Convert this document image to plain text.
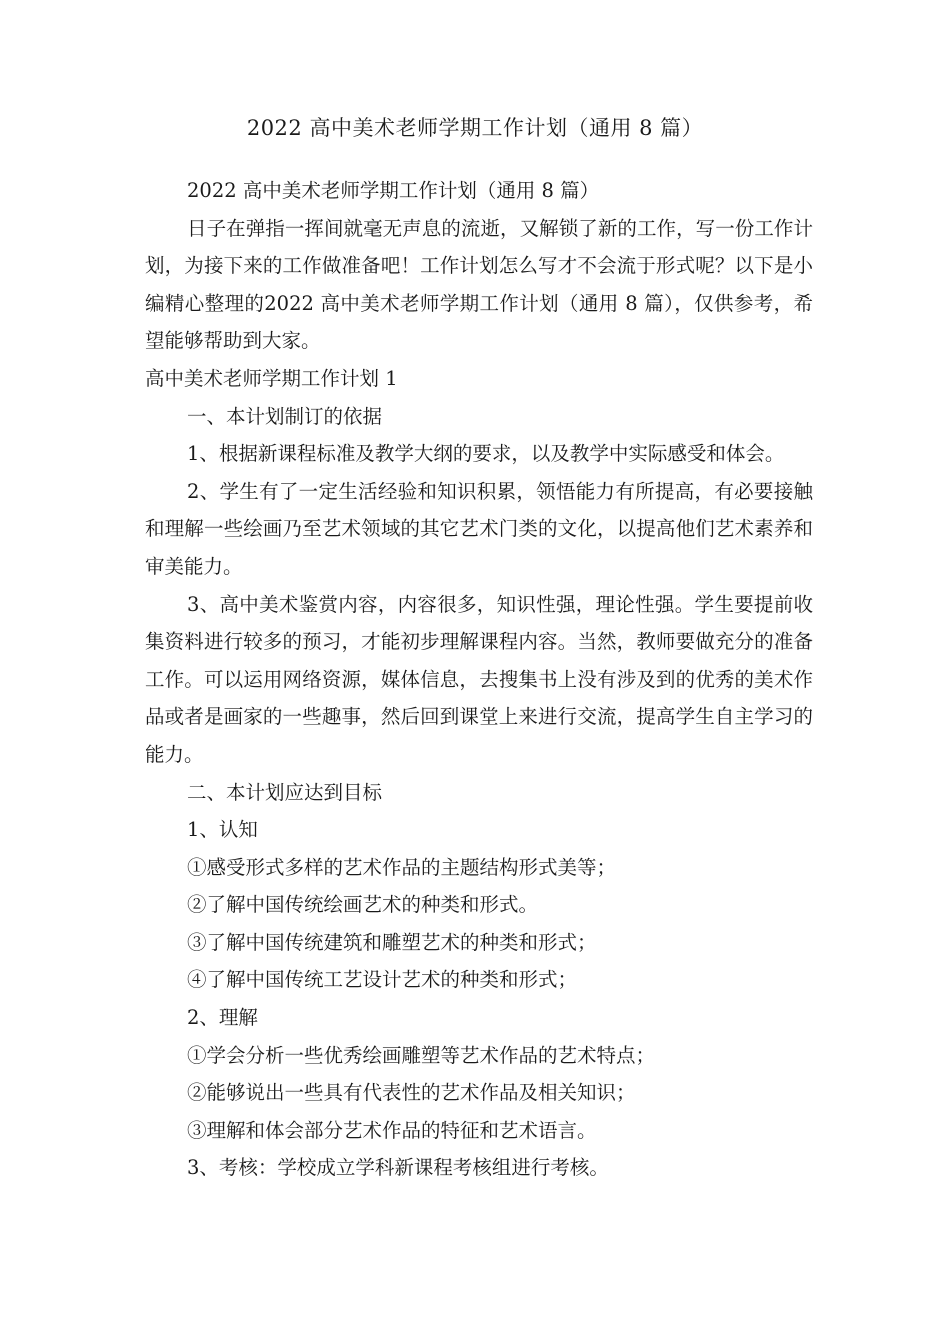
2022 高中美术老师学期工作计划（通用 8 篇）

2022 高中美术老师学期工作计划（通用 8 篇）

日子在弹指一挥间就毫无声息的流逝，又解锁了新的工作，写一份工作计划，为接下来的工作做准备吧！工作计划怎么写才不会流于形式呢？以下是小编精心整理的2022 高中美术老师学期工作计划（通用 8 篇），仅供参考，希望能够帮助到大家。

高中美术老师学期工作计划 1

一、本计划制订的依据

1、根据新课程标准及教学大纲的要求，以及教学中实际感受和体会。

2、学生有了一定生活经验和知识积累，领悟能力有所提高，有必要接触和理解一些绘画乃至艺术领域的其它艺术门类的文化，以提高他们艺术素养和审美能力。

3、高中美术鉴赏内容，内容很多，知识性强，理论性强。学生要提前收集资料进行较多的预习，才能初步理解课程内容。当然，教师要做充分的准备工作。可以运用网络资源，媒体信息，去搜集书上没有涉及到的优秀的美术作品或者是画家的一些趣事，然后回到课堂上来进行交流，提高学生自主学习的能力。

二、本计划应达到目标

1、认知

①感受形式多样的艺术作品的主题结构形式美等；

②了解中国传统绘画艺术的种类和形式。

③了解中国传统建筑和雕塑艺术的种类和形式；

④了解中国传统工艺设计艺术的种类和形式；

2、理解

①学会分析一些优秀绘画雕塑等艺术作品的艺术特点；

②能够说出一些具有代表性的艺术作品及相关知识；

③理解和体会部分艺术作品的特征和艺术语言。

3、考核：学校成立学科新课程考核组进行考核。
